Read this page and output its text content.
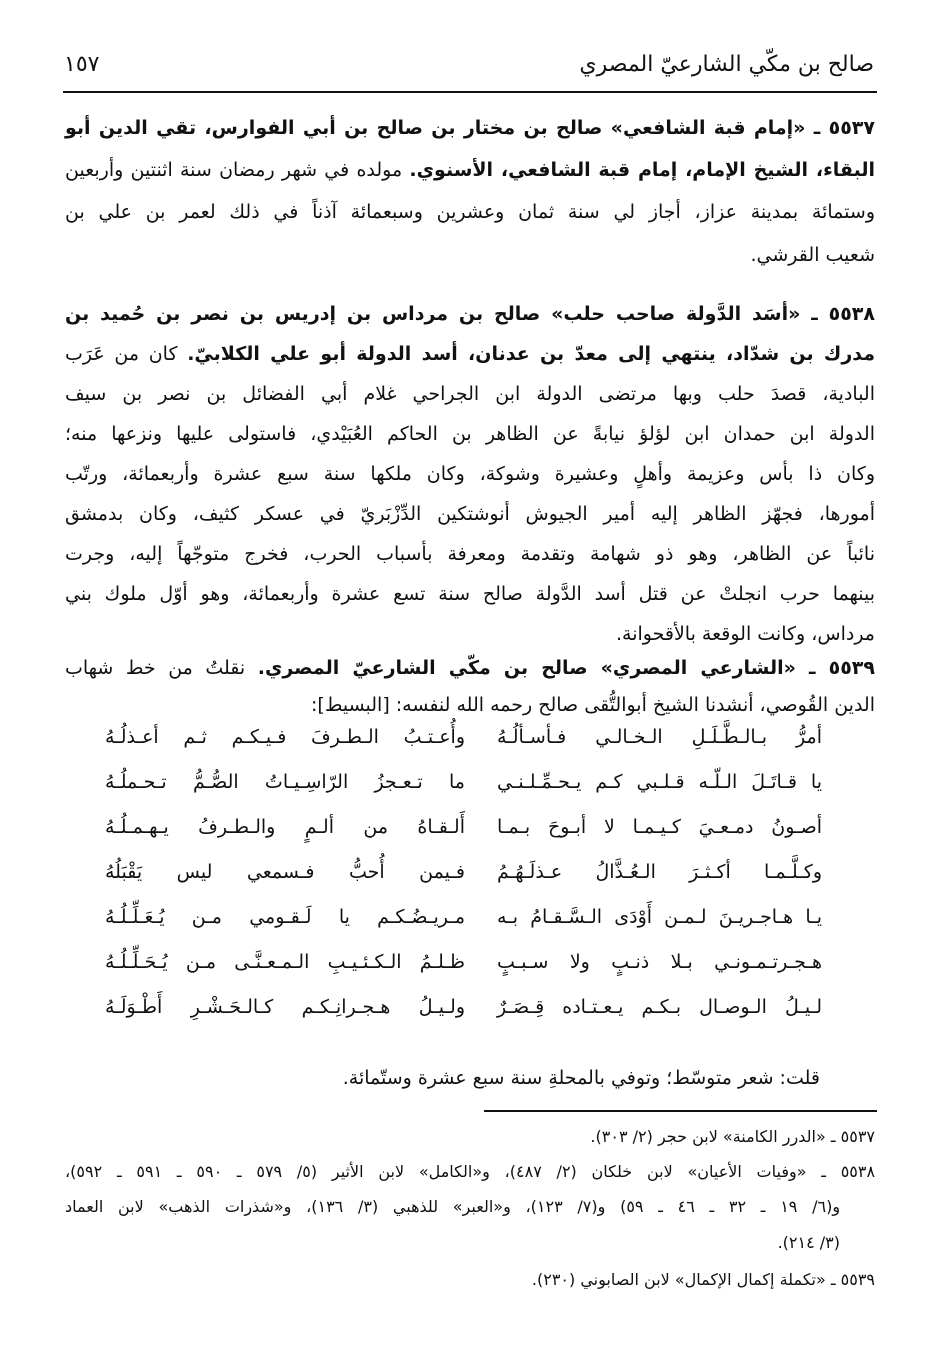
صالح بن مكّي الشارعيّ المصري
١٥٧
٥٥٣٧ ـ «إمام قبة الشافعي» صالح بن مختار بن صالح بن أبي الفوارس، تقي الدين أبو
البقاء، الشيخ الإمام، إمام قبة الشافعي، الأسنوي. مولده في شهر رمضان سنة اثنتين وأربعين
وستمائة بمدينة عزاز، أجاز لي سنة ثمان وعشرين وسبعمائة آذناً في ذلك لعمر بن علي بن
شعيب القرشي.
٥٥٣٨ ـ «أسَد الدَّولة صاحب حلب» صالح بن مرداس بن إدريس بن نصر بن حُميد بن
مدرك بن شدّاد، ينتهي إلى معدّ بن عدنان، أسد الدولة أبو علي الكلابيّ. كان من عَرَب
البادية، قصدَ حلب وبها مرتضى الدولة ابن الجراحي غلام أبي الفضائل بن نصر بن سيف
الدولة ابن حمدان ابن لؤلؤ نيابةً عن الظاهر بن الحاكم العُبَيْدي، فاستولى عليها ونزعها منه؛
وكان ذا بأس وعزيمة وأهلٍ وعشيرة وشوكة، وكان ملكها سنة سبع عشرة وأربعمائة، ورتّب
أمورها، فجهّز الظاهر إليه أمير الجيوش أنوشتكين الدِّزْبَريّ في عسكر كثيف، وكان بدمشق
نائباً عن الظاهر، وهو ذو شهامة وتقدمة ومعرفة بأسباب الحرب، فخرج متوجّهاً إليه، وجرت
بينهما حرب انجلتْ عن قتل أسد الدَّولة صالح سنة تسع عشرة وأربعمائة، وهو أوّل ملوك بني
مرداس، وكانت الوقعة بالأقحوانة.
٥٥٣٩ ـ «الشارعي المصري» صالح بن مكّي الشارعيّ المصري. نقلتُ من خط شهاب
الدين القُوصي، أنشدنا الشيخ أبوالتُّقى صالح رحمه الله لنفسه: [البسيط]:
أمرُّ بـالـطَّـلَـلِ الـخـالـي فـأسـألُـهُ
وأُعـتـبُ الـطـرفَ فـيـكـم ثـم أعـذلُـهُ
يا قـاتَـلَ الـلّـه قـلـبي كـم يـحـمِّـلـنـي
ما تـعـجزُ الرّاسِـيـاتُ الصُّـمُّ تـحـملُـهُ
أصـونُ دمـعـيَ كـيـمـا لا أبـوحَ بـمـا
أَلـقـاهُ من ألـمٍ والـطـرفُ يـهـمـلُـهُ
وكـلَّـمـا أكـثـرَ الـعُـذَّالُ عـذلَـهُـمُ
فـيمن أُحبُّ فـسمعي ليس يَقْبَلُهُ
يـا هـاجـريـنَ لـمـن أَوْدَى الـسَّـقـامُ بـه
مـريـضُـكـم يا لَـقـومي مـن يُـعَـلِّـلُـهُ
هـجـرتـمـونـي بـلا ذنـبٍ ولا سـبـبٍ
ظـلـمُ الـكـئـيـبِ الـمـعـنَّـى مـن يُـحَـلِّـلُـهُ
لـيـلُ الـوصـال بـكـم يـعـتـاده قِـصَـرٌ
ولـيـلُ هـجـرانِـكـم كـالـحَـشْـرِ أَطْـوَلَـهُ
قلت: شعر متوسّط؛ وتوفي بالمحلةِ سنة سبع عشرة وستّمائة.
٥٥٣٧ ـ «الدرر الكامنة» لابن حجر (٢/ ٣٠٣).
٥٥٣٨ ـ «وفيات الأعيان» لابن خلكان (٢/ ٤٨٧)، و«الكامل» لابن الأثير (٥/ ٥٧٩ ـ ٥٩٠ ـ ٥٩١ ـ ٥٩٢)،
و(٦/ ١٩ ـ ٣٢ ـ ٤٦ ـ ٥٩) و(٧/ ١٢٣)، و«العبر» للذهبي (٣/ ١٣٦)، و«شذرات الذهب» لابن العماد
(٣/ ٢١٤).
٥٥٣٩ ـ «تكملة إكمال الإكمال» لابن الصابوني (٢٣٠).
